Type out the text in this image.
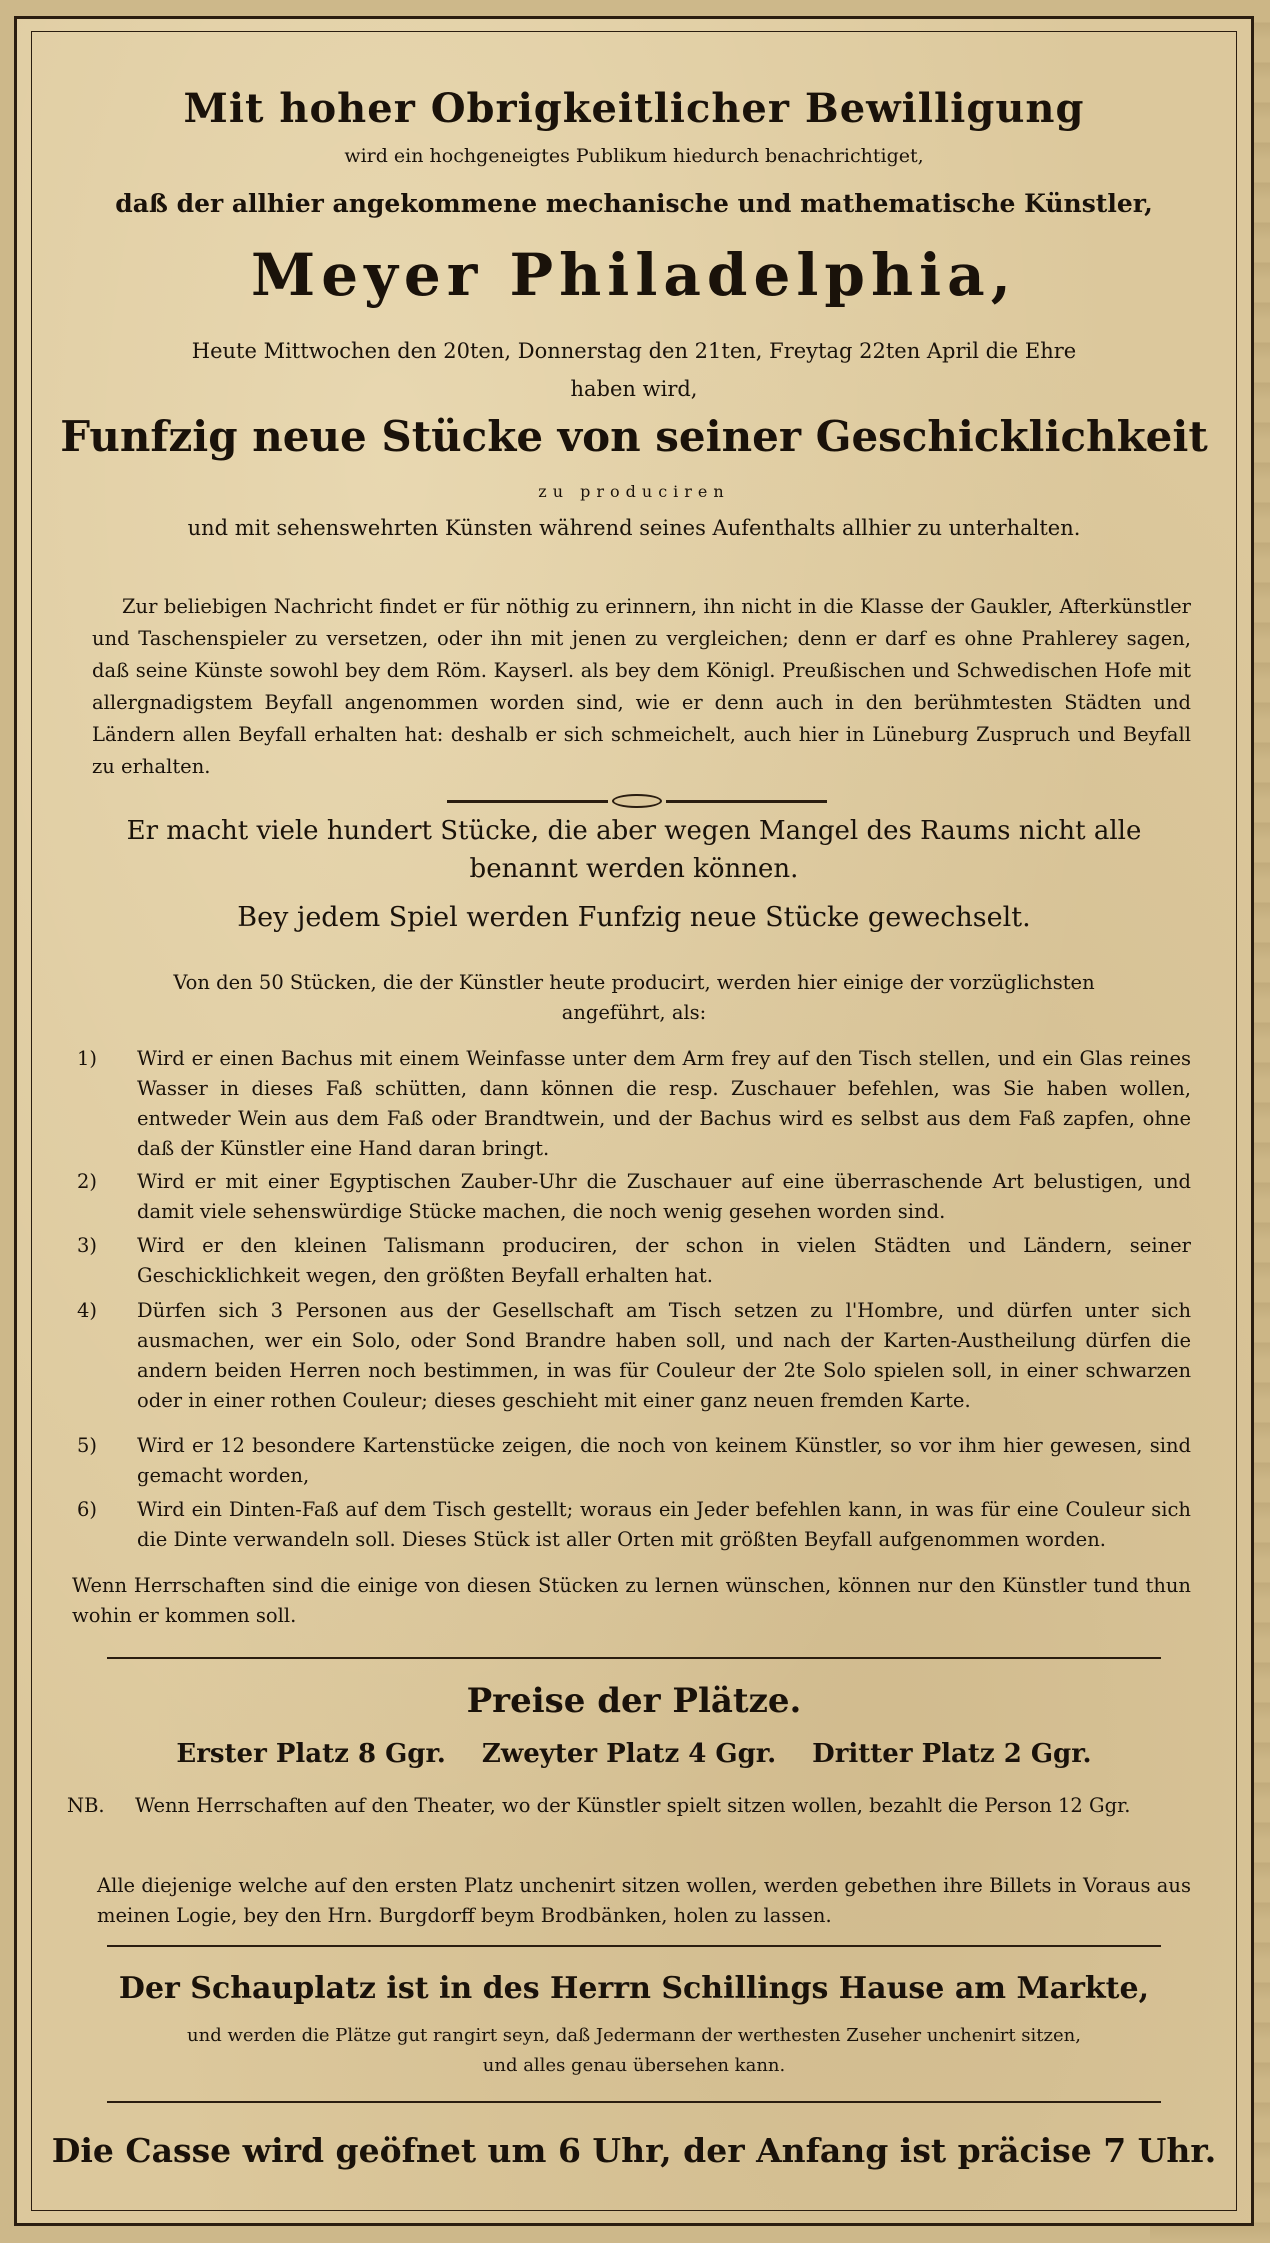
Mit hoher Obrigkeitlicher Bewilligung
wird ein hochgeneigtes Publikum hiedurch benachrichtiget,
daß der allhier angekommene mechanische und mathematische Künstler,
Meyer Philadelphia,
Heute Mittwochen den 20ten, Donnerstag den 21ten, Freytag 22ten April die Ehre
haben wird,
Funfzig neue Stücke von seiner Geschicklichkeit
zu produciren
und mit sehenswehrten Künsten während seines Aufenthalts allhier zu unterhalten.
Zur beliebigen Nachricht findet er für nöthig zu erinnern, ihn nicht in die Klasse der Gaukler, Afterkünstler und Taschenspieler zu versetzen, oder ihn mit jenen zu vergleichen; denn er darf es ohne Prahlerey sagen, daß seine Künste sowohl bey dem Röm. Kayserl. als bey dem Königl. Preußischen und Schwedischen Hofe mit allergnadigstem Beyfall angenommen worden sind, wie er denn auch in den berühmtesten Städten und Ländern allen Beyfall erhalten hat: deshalb er sich schmeichelt, auch hier in Lüneburg Zuspruch und Beyfall zu erhalten.
Er macht viele hundert Stücke, die aber wegen Mangel des Raums nicht alle
benannt werden können.
Bey jedem Spiel werden Funfzig neue Stücke gewechselt.
Von den 50 Stücken, die der Künstler heute producirt, werden hier einige der vorzüglichsten
angeführt, als:
1)	Wird er einen Bachus mit einem Weinfasse unter dem Arm frey auf den Tisch stellen, und ein Glas reines Wasser in dieses Faß schütten, dann können die resp. Zuschauer befehlen, was Sie haben wollen, entweder Wein aus dem Faß oder Brandtwein, und der Bachus wird es selbst aus dem Faß zapfen, ohne daß der Künstler eine Hand daran bringt.
2)	Wird er mit einer Egyptischen Zauber-Uhr die Zuschauer auf eine überraschende Art belustigen, und damit viele sehenswürdige Stücke machen, die noch wenig gesehen worden sind.
3)	Wird er den kleinen Talismann produciren, der schon in vielen Städten und Ländern, seiner Geschicklichkeit wegen, den größten Beyfall erhalten hat.
4)	Dürfen sich 3 Personen aus der Gesellschaft am Tisch setzen zu l'Hombre, und dürfen unter sich ausmachen, wer ein Solo, oder Sond Brandre haben soll, und nach der Karten-Austheilung dürfen die andern beiden Herren noch bestimmen, in was für Couleur der 2te Solo spielen soll, in einer schwarzen oder in einer rothen Couleur; dieses geschieht mit einer ganz neuen fremden Karte.
5)	Wird er 12 besondere Kartenstücke zeigen, die noch von keinem Künstler, so vor ihm hier gewesen, sind gemacht worden,
6)	Wird ein Dinten-Faß auf dem Tisch gestellt; woraus ein Jeder befehlen kann, in was für eine Couleur sich die Dinte verwandeln soll. Dieses Stück ist aller Orten mit größten Beyfall aufgenommen worden.
Wenn Herrschaften sind die einige von diesen Stücken zu lernen wünschen, können nur den Künstler tund thun wohin er kommen soll.
Preise der Plätze.
Erster Platz 8 Ggr. Zweyter Platz 4 Ggr. Dritter Platz 2 Ggr.
NB.	Wenn Herrschaften auf den Theater, wo der Künstler spielt sitzen wollen, bezahlt die Person 12 Ggr.
Alle diejenige welche auf den ersten Platz unchenirt sitzen wollen, werden gebethen ihre Billets in Voraus aus meinen Logie, bey den Hrn. Burgdorff beym Brodbänken, holen zu lassen.
Der Schauplatz ist in des Herrn Schillings Hause am Markte,
und werden die Plätze gut rangirt seyn, daß Jedermann der werthesten Zuseher unchenirt sitzen,
und alles genau übersehen kann.
Die Casse wird geöfnet um 6 Uhr, der Anfang ist präcise 7 Uhr.
